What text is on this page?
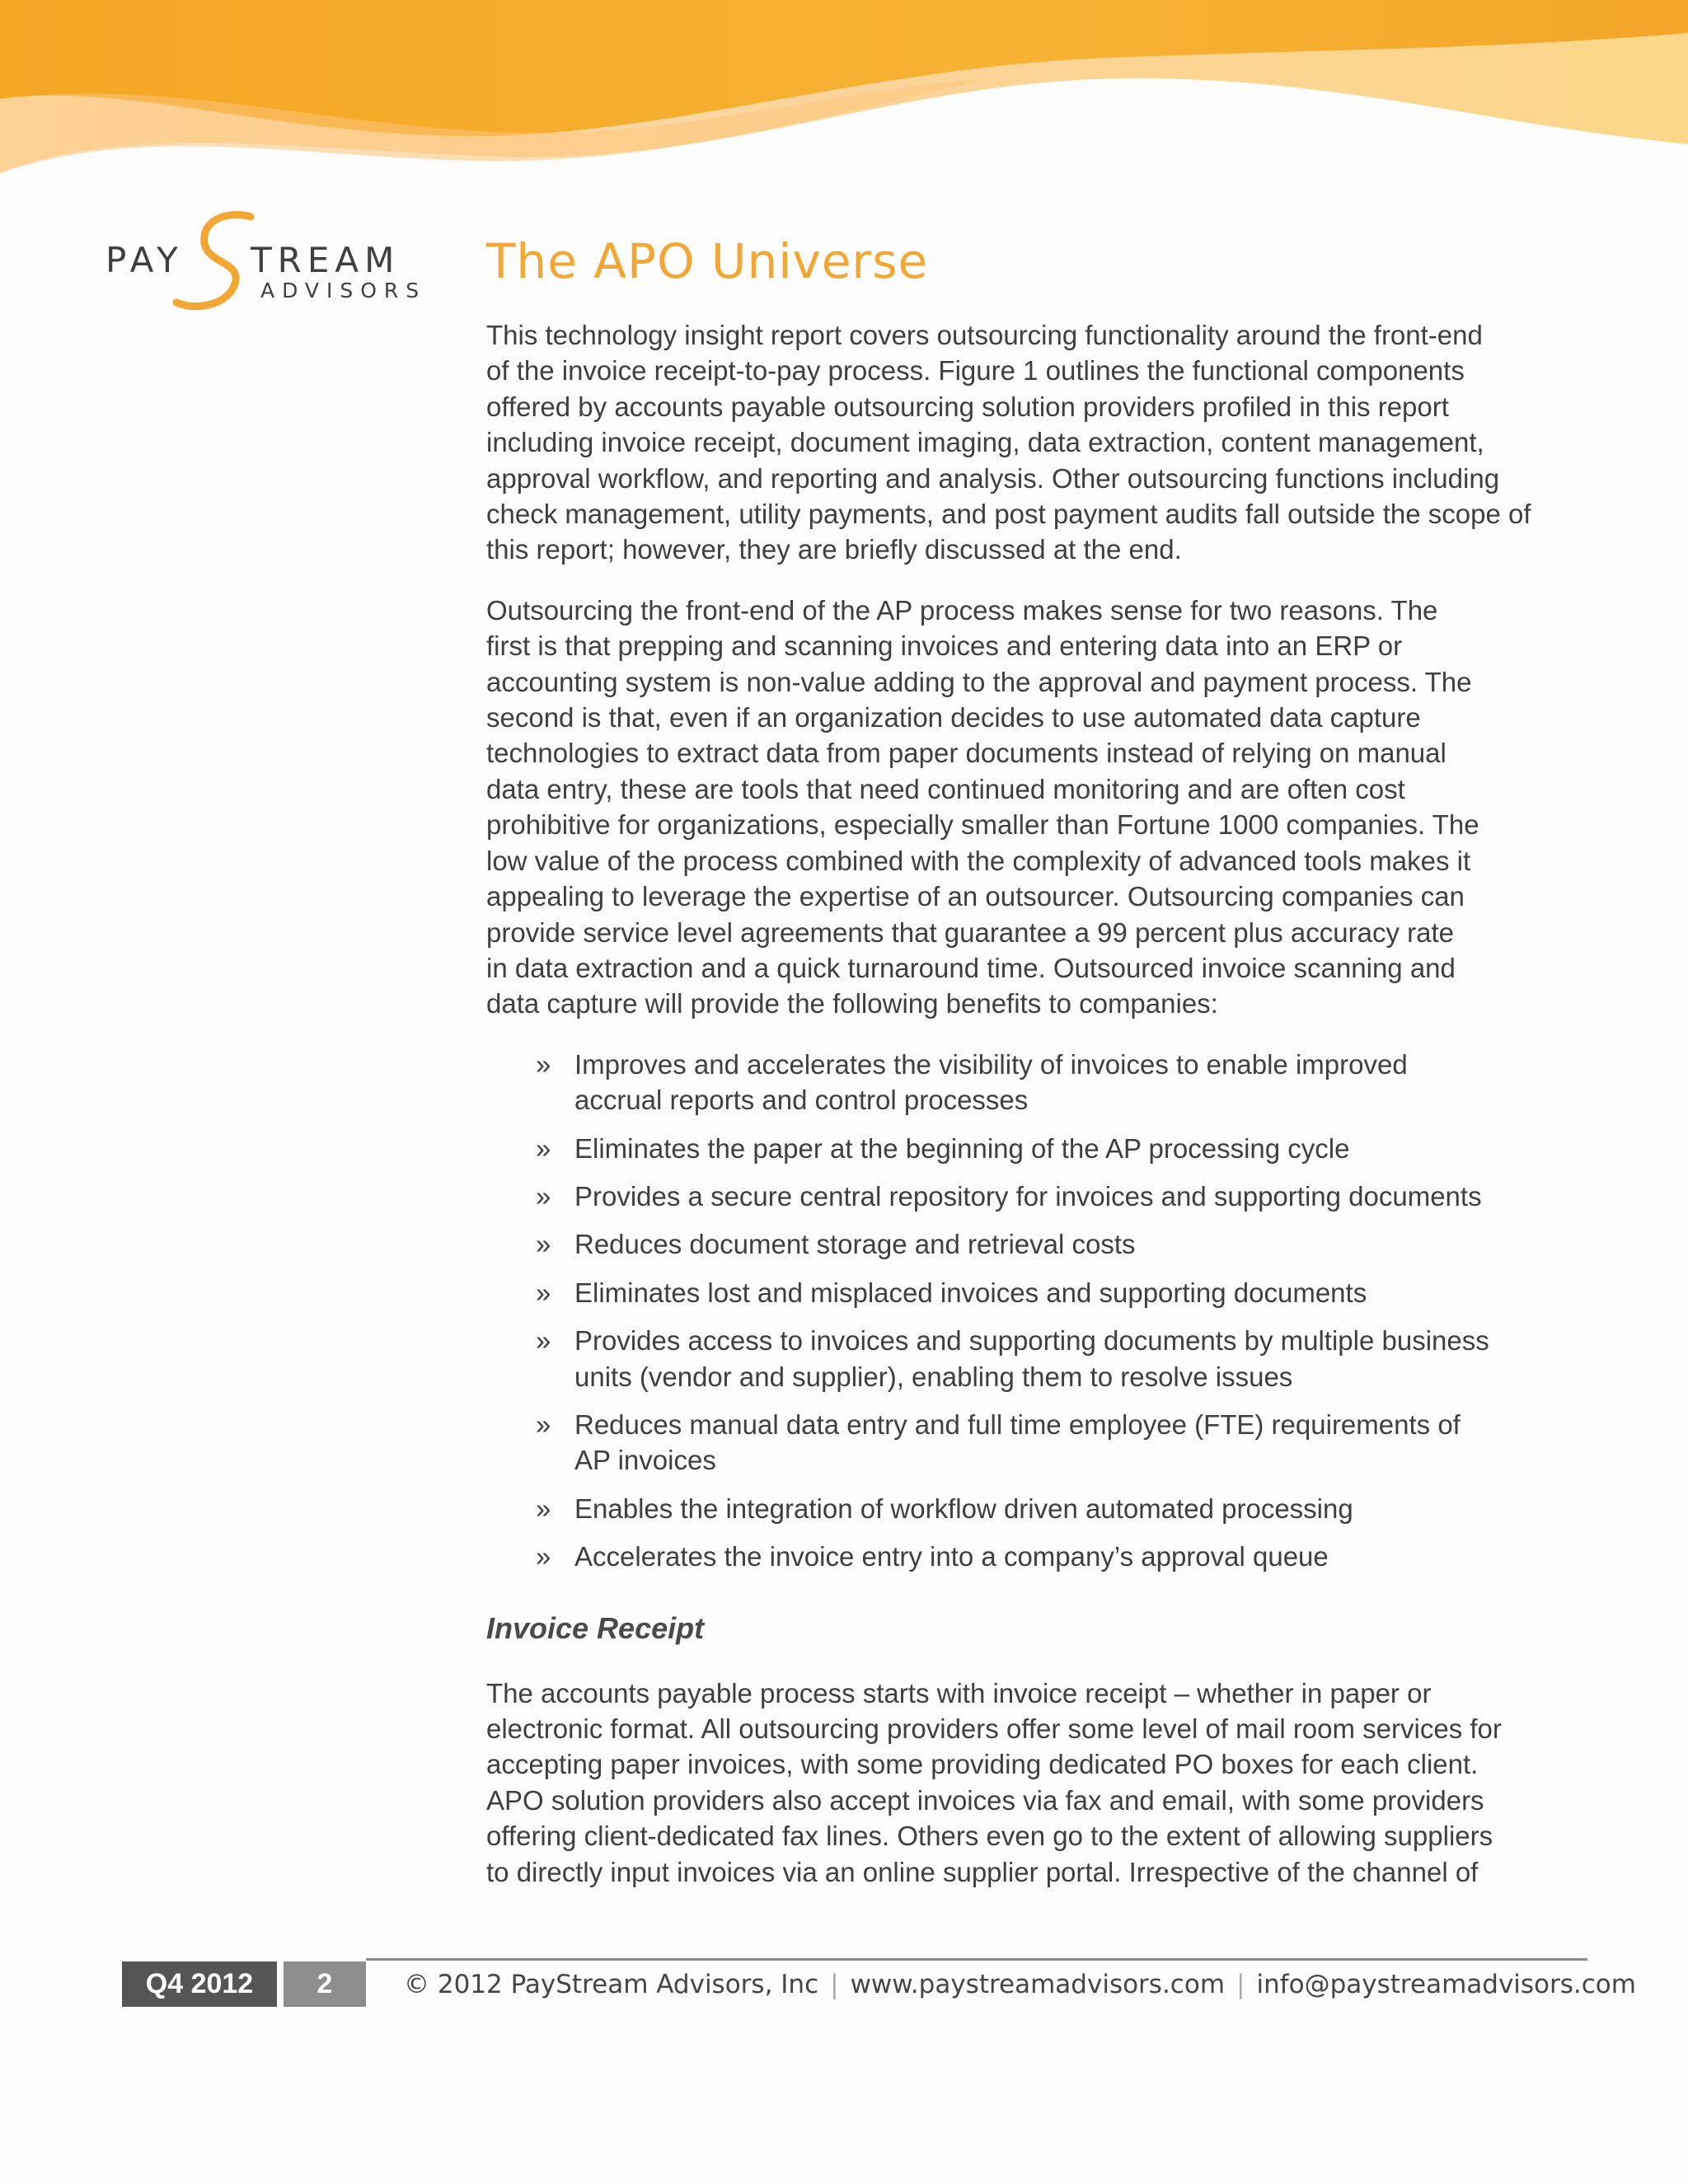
PAY TREAM
ADVISORS
The APO Universe

This technology insight report covers outsourcing functionality around the front-end
of the invoice receipt-to-pay process. Figure 1 outlines the functional components
offered by accounts payable outsourcing solution providers profiled in this report
including invoice receipt, document imaging, data extraction, content management,
approval workflow, and reporting and analysis. Other outsourcing functions including
check management, utility payments, and post payment audits fall outside the scope of
this report; however, they are briefly discussed at the end.

Outsourcing the front-end of the AP process makes sense for two reasons. The
first is that prepping and scanning invoices and entering data into an ERP or
accounting system is non-value adding to the approval and payment process. The
second is that, even if an organization decides to use automated data capture
technologies to extract data from paper documents instead of relying on manual
data entry, these are tools that need continued monitoring and are often cost
prohibitive for organizations, especially smaller than Fortune 1000 companies. The
low value of the process combined with the complexity of advanced tools makes it
appealing to leverage the expertise of an outsourcer. Outsourcing companies can
provide service level agreements that guarantee a 99 percent plus accuracy rate
in data extraction and a quick turnaround time. Outsourced invoice scanning and
data capture will provide the following benefits to companies:

» Improves and accelerates the visibility of invoices to enable improved
accrual reports and control processes
» Eliminates the paper at the beginning of the AP processing cycle
» Provides a secure central repository for invoices and supporting documents
» Reduces document storage and retrieval costs
» Eliminates lost and misplaced invoices and supporting documents
» Provides access to invoices and supporting documents by multiple business
units (vendor and supplier), enabling them to resolve issues
» Reduces manual data entry and full time employee (FTE) requirements of
AP invoices
» Enables the integration of workflow driven automated processing
» Accelerates the invoice entry into a company’s approval queue
Invoice Receipt

The accounts payable process starts with invoice receipt – whether in paper or
electronic format. All outsourcing providers offer some level of mail room services for
accepting paper invoices, with some providing dedicated PO boxes for each client.
APO solution providers also accept invoices via fax and email, with some providers
offering client-dedicated fax lines. Others even go to the extent of allowing suppliers
to directly input invoices via an online supplier portal. Irrespective of the channel of

Q4 2012	2	© 2012 PayStream Advisors, Inc | www.paystreamadvisors.com | info@paystreamadvisors.com
